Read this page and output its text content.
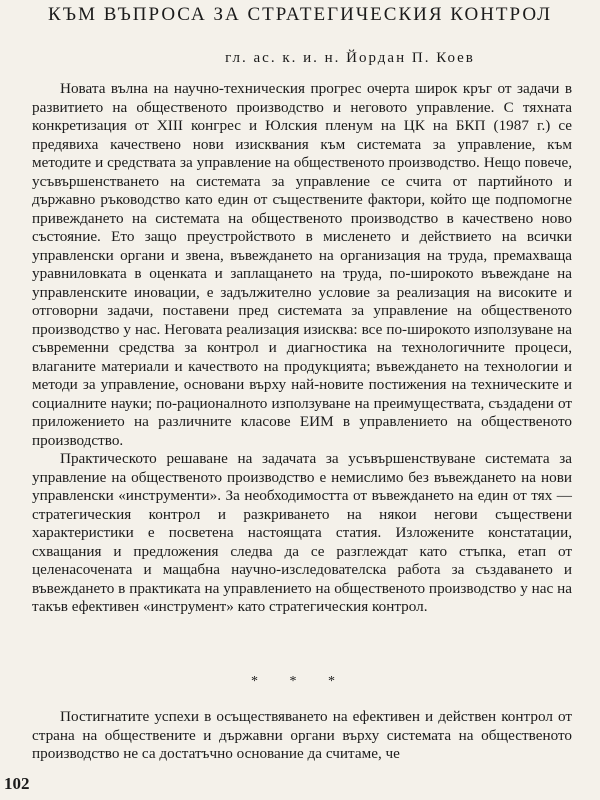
КЪМ ВЪПРОСА ЗА СТРАТЕГИЧЕСКИЯ КОНТРОЛ
гл. ас. к. и. н. Йордан П. Коев

Новата вълна на научно-техническия прогрес очерта широк кръг от задачи в развитието на общественото производство и неговото управление. С тяхната конкретизация от XIII конгрес и Юлския пленум на ЦК на БКП (1987 г.) се предявиха качествено нови изисквания към системата за управление, към методите и средствата за управление на общественото производство. Нещо повече, усъвършенстването на системата за управление се счита от партийното и държавно ръководство като един от съществените фактори, който ще подпомогне привеждането на системата на общественото производство в качествено ново състояние. Ето защо преустройството в мисленето и действието на всички управленски органи и звена, въвеждането на организация на труда, премахваща уравниловката в оценката и заплащането на труда, по-широкото въвеждане на управленските иновации, е задължително условие за реализация на високите и отговорни задачи, поставени пред системата за управление на общественото производство у нас. Неговата реализация изисква: все по-широкото използуване на съвременни средства за контрол и диагностика на технологичните процеси, влаганите материали и качеството на продукцията; въвеждането на технологии и методи за управление, основани върху най-новите постижения на техническите и социалните науки; по-рационалното използуване на преимуществата, създадени от приложението на различните класове ЕИМ в управлението на общественото производство.

Практическото решаване на задачата за усъвършенствуване системата за управление на общественото производство е немислимо без въвеждането на нови управленски «инструменти». За необходимостта от въвеждането на един от тях — стратегическия контрол и разкриването на някои негови съществени характеристики е посветена настоящата статия. Изложените констатации, схващания и предложения следва да се разглеждат като стъпка, етап от целенасочената и мащабна научно-изследователска работа за създаването и въвеждането в практиката на управлението на общественото производство у нас на такъв ефективен «инструмент» като стратегическия контрол.

* * *

Постигнатите успехи в осъществяването на ефективен и действен контрол от страна на обществените и държавни органи върху системата на общественото производство не са достатъчно основание да считаме, че

102
